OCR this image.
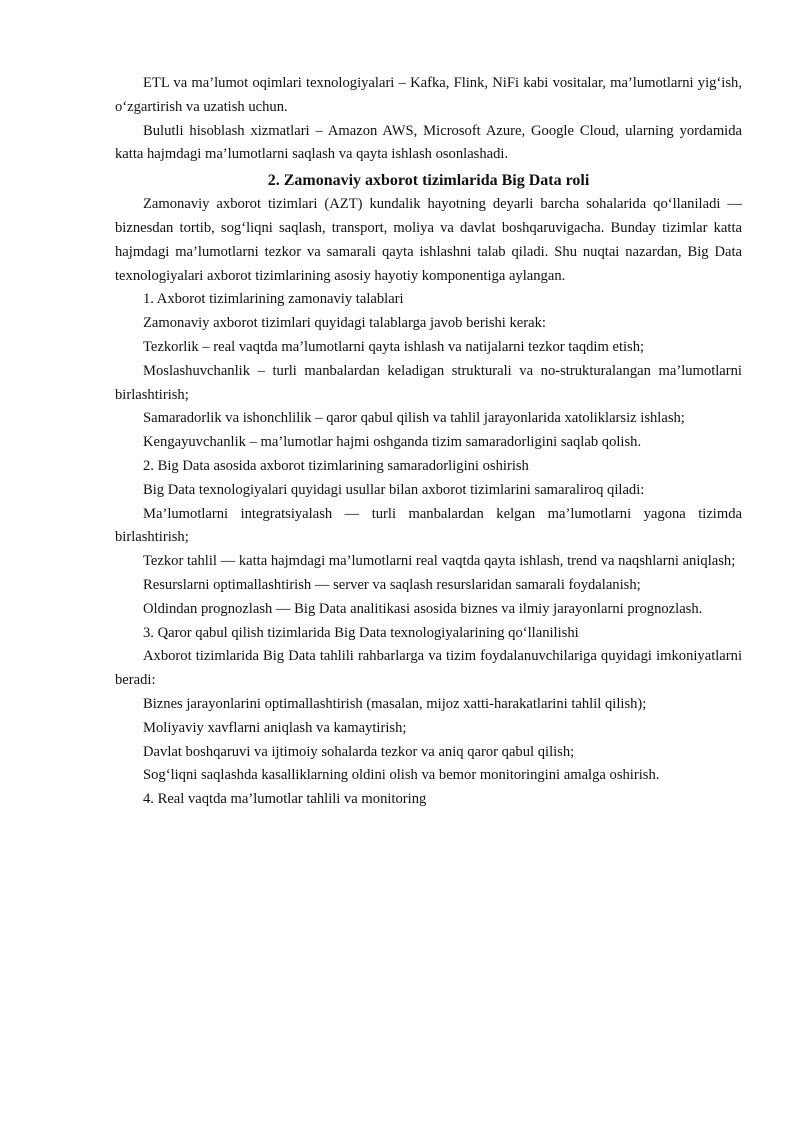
ETL va ma’lumot oqimlari texnologiyalari – Kafka, Flink, NiFi kabi vositalar, ma’lumotlarni yig‘ish, o‘zgartirish va uzatish uchun.

Bulutli hisoblash xizmatlari – Amazon AWS, Microsoft Azure, Google Cloud, ularning yordamida katta hajmdagi ma’lumotlarni saqlash va qayta ishlash osonlashadi.

2. Zamonaviy axborot tizimlarida Big Data roli

Zamonaviy axborot tizimlari (AZT) kundalik hayotning deyarli barcha sohalarida qo‘llaniladi — biznesdan tortib, sog‘liqni saqlash, transport, moliya va davlat boshqaruvigacha. Bunday tizimlar katta hajmdagi ma’lumotlarni tezkor va samarali qayta ishlashni talab qiladi. Shu nuqtai nazardan, Big Data texnologiyalari axborot tizimlarining asosiy hayotiy komponentiga aylangan.

1. Axborot tizimlarining zamonaviy talablari

Zamonaviy axborot tizimlari quyidagi talablarga javob berishi kerak:

Tezkorlik – real vaqtda ma’lumotlarni qayta ishlash va natijalarni tezkor taqdim etish;

Moslashuvchanlik – turli manbalardan keladigan strukturali va no-strukturalangan ma’lumotlarni birlashtirish;

Samaradorlik va ishonchlilik – qaror qabul qilish va tahlil jarayonlarida xatoliklarsiz ishlash;

Kengayuvchanlik – ma’lumotlar hajmi oshganda tizim samaradorligini saqlab qolish.

2. Big Data asosida axborot tizimlarining samaradorligini oshirish

Big Data texnologiyalari quyidagi usullar bilan axborot tizimlarini samaraliroq qiladi:

Ma’lumotlarni integratsiyalash — turli manbalardan kelgan ma’lumotlarni yagona tizimda birlashtirish;

Tezkor tahlil — katta hajmdagi ma’lumotlarni real vaqtda qayta ishlash, trend va naqshlarni aniqlash;

Resurslarni optimallashtirish — server va saqlash resurslaridan samarali foydalanish;

Oldindan prognozlash — Big Data analitikasi asosida biznes va ilmiy jarayonlarni prognozlash.

3. Qaror qabul qilish tizimlarida Big Data texnologiyalarining qo‘llanilishi

Axborot tizimlarida Big Data tahlili rahbarlarga va tizim foydalanuvchilariga quyidagi imkoniyatlarni beradi:

Biznes jarayonlarini optimallashtirish (masalan, mijoz xatti-harakatlarini tahlil qilish);

Moliyaviy xavflarni aniqlash va kamaytirish;

Davlat boshqaruvi va ijtimoiy sohalarda tezkor va aniq qaror qabul qilish;

Sog‘liqni saqlashda kasalliklarning oldini olish va bemor monitoringini amalga oshirish.

4. Real vaqtda ma’lumotlar tahlili va monitoring
